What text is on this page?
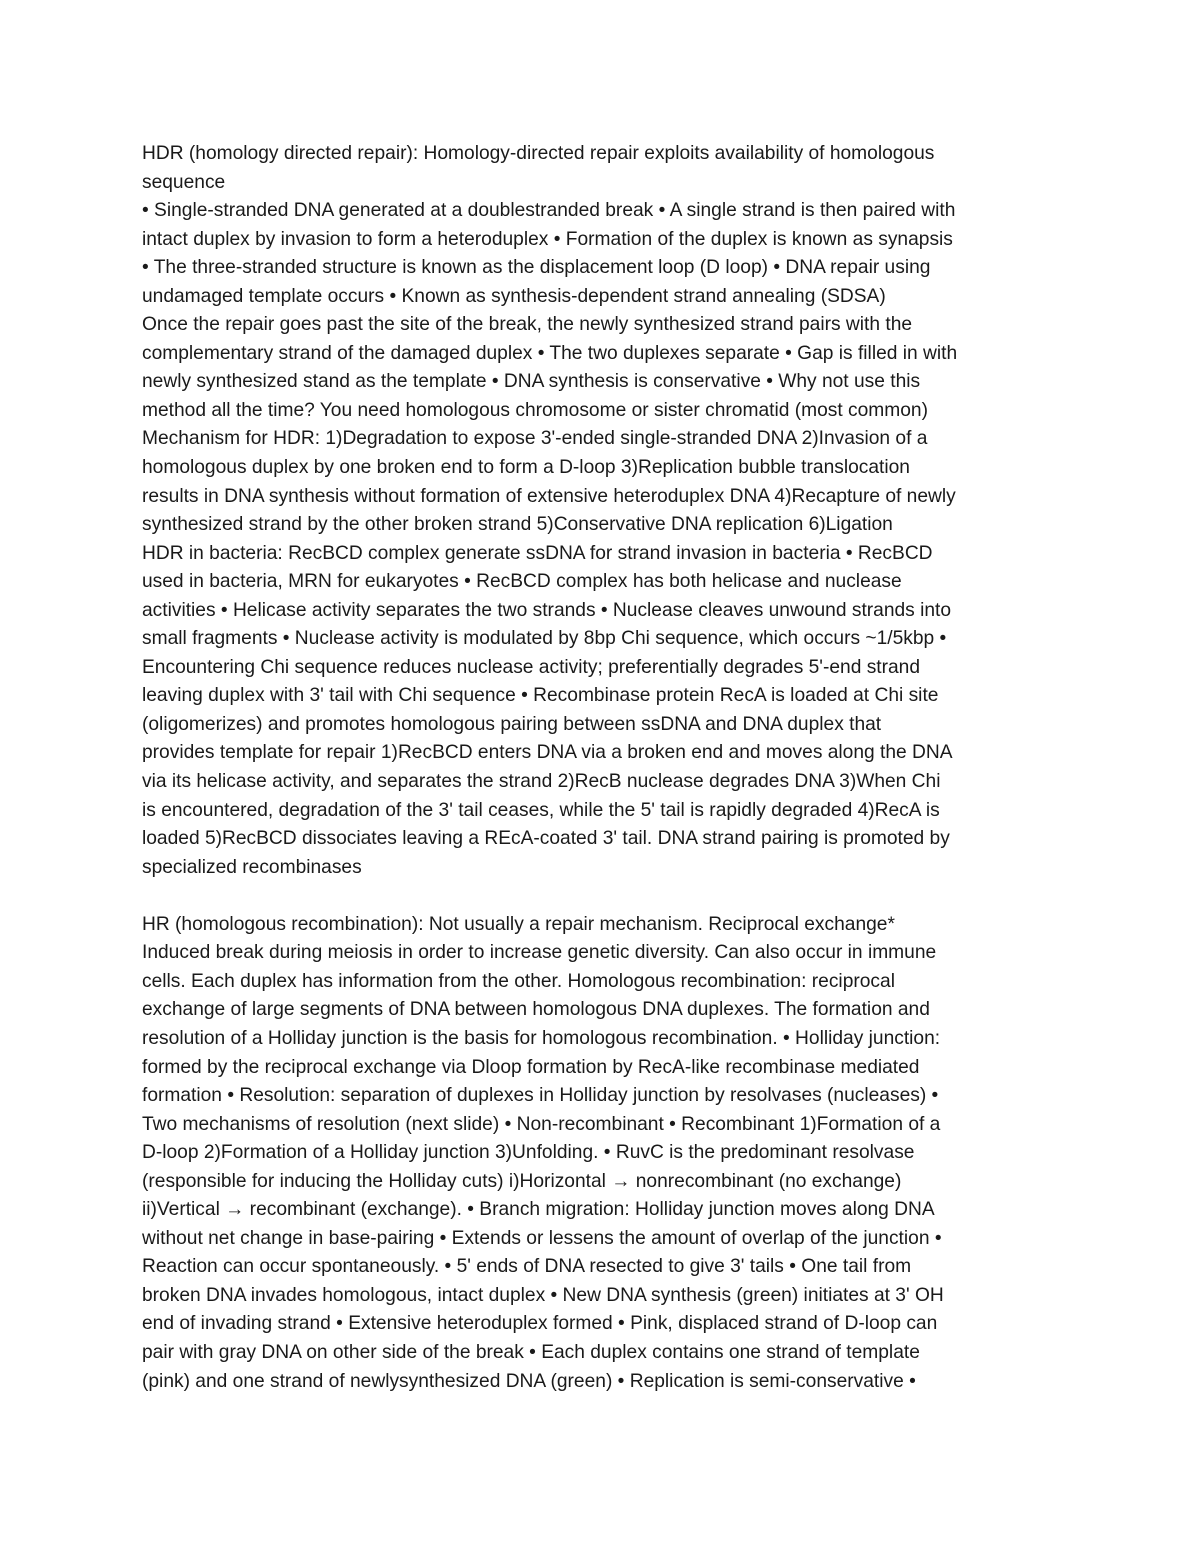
HDR (homology directed repair): Homology-directed repair exploits availability of homologous
sequence
• Single-stranded DNA generated at a doublestranded break • A single strand is then paired with
intact duplex by invasion to form a heteroduplex • Formation of the duplex is known as synapsis
• The three-stranded structure is known as the displacement loop (D loop) • DNA repair using
undamaged template occurs • Known as synthesis-dependent strand annealing (SDSA)
Once the repair goes past the site of the break, the newly synthesized strand pairs with the
complementary strand of the damaged duplex • The two duplexes separate • Gap is filled in with
newly synthesized stand as the template • DNA synthesis is conservative • Why not use this
method all the time? You need homologous chromosome or sister chromatid (most common)
Mechanism for HDR: 1)Degradation to expose 3'-ended single-stranded DNA 2)Invasion of a
homologous duplex by one broken end to form a D-loop 3)Replication bubble translocation
results in DNA synthesis without formation of extensive heteroduplex DNA 4)Recapture of newly
synthesized strand by the other broken strand 5)Conservative DNA replication 6)Ligation
HDR in bacteria: RecBCD complex generate ssDNA for strand invasion in bacteria • RecBCD
used in bacteria, MRN for eukaryotes • RecBCD complex has both helicase and nuclease
activities • Helicase activity separates the two strands • Nuclease cleaves unwound strands into
small fragments • Nuclease activity is modulated by 8bp Chi sequence, which occurs ~1/5kbp •
Encountering Chi sequence reduces nuclease activity; preferentially degrades 5'-end strand
leaving duplex with 3' tail with Chi sequence • Recombinase protein RecA is loaded at Chi site
(oligomerizes) and promotes homologous pairing between ssDNA and DNA duplex that
provides template for repair 1)RecBCD enters DNA via a broken end and moves along the DNA
via its helicase activity, and separates the strand 2)RecB nuclease degrades DNA 3)When Chi
is encountered, degradation of the 3' tail ceases, while the 5' tail is rapidly degraded 4)RecA is
loaded 5)RecBCD dissociates leaving a REcA-coated 3' tail. DNA strand pairing is promoted by
specialized recombinases
HR (homologous recombination): Not usually a repair mechanism. Reciprocal exchange*
Induced break during meiosis in order to increase genetic diversity. Can also occur in immune
cells. Each duplex has information from the other. Homologous recombination: reciprocal
exchange of large segments of DNA between homologous DNA duplexes. The formation and
resolution of a Holliday junction is the basis for homologous recombination. • Holliday junction:
formed by the reciprocal exchange via Dloop formation by RecA-like recombinase mediated
formation • Resolution: separation of duplexes in Holliday junction by resolvases (nucleases) •
Two mechanisms of resolution (next slide) • Non-recombinant • Recombinant 1)Formation of a
D-loop 2)Formation of a Holliday junction 3)Unfolding. • RuvC is the predominant resolvase
(responsible for inducing the Holliday cuts) i)Horizontal → nonrecombinant (no exchange)
ii)Vertical → recombinant (exchange). • Branch migration: Holliday junction moves along DNA
without net change in base-pairing • Extends or lessens the amount of overlap of the junction •
Reaction can occur spontaneously. • 5' ends of DNA resected to give 3' tails • One tail from
broken DNA invades homologous, intact duplex • New DNA synthesis (green) initiates at 3' OH
end of invading strand • Extensive heteroduplex formed • Pink, displaced strand of D-loop can
pair with gray DNA on other side of the break • Each duplex contains one strand of template
(pink) and one strand of newlysynthesized DNA (green) • Replication is semi-conservative •
